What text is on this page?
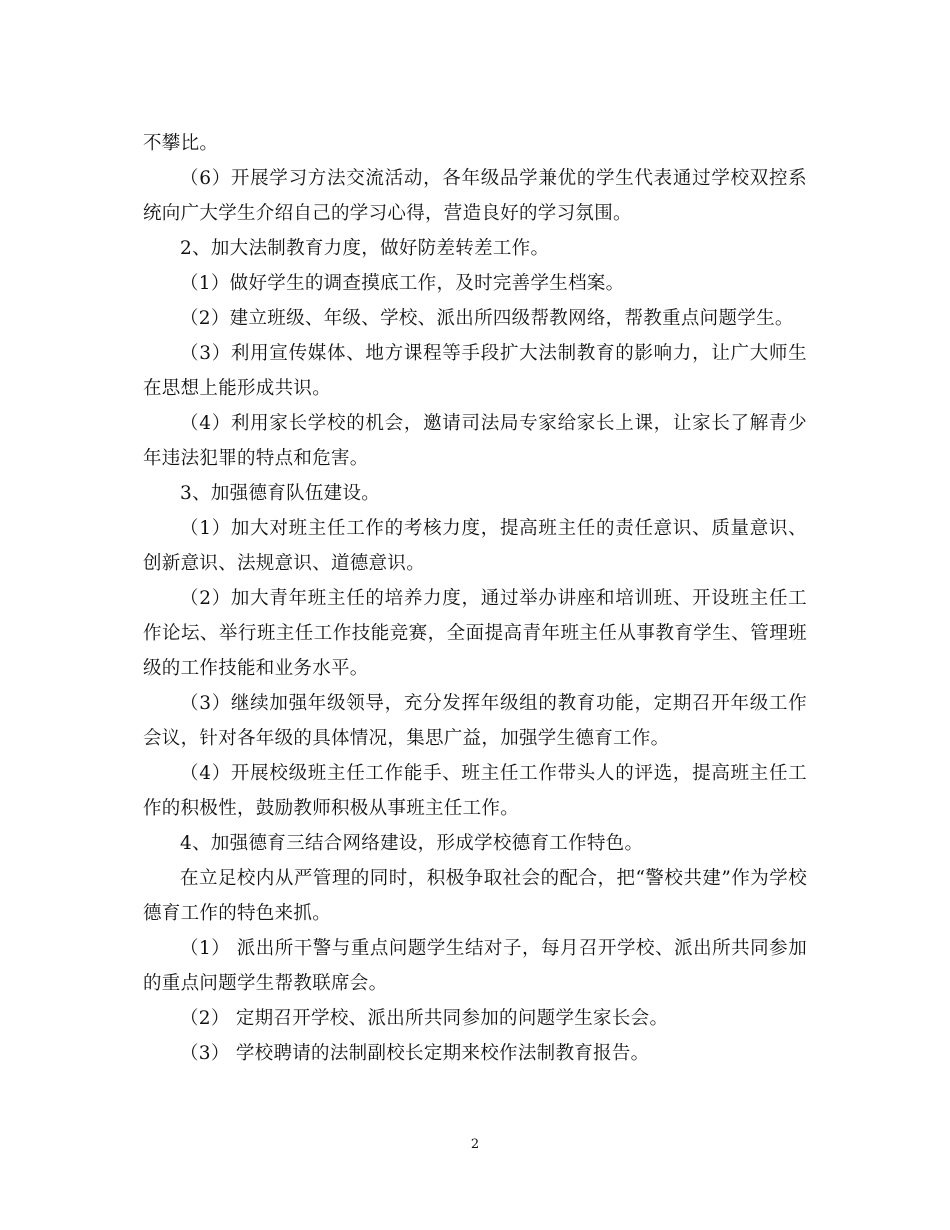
不攀比。

（6）开展学习方法交流活动，各年级品学兼优的学生代表通过学校双控系统向广大学生介绍自己的学习心得，营造良好的学习氛围。

2、加大法制教育力度，做好防差转差工作。

（1）做好学生的调查摸底工作，及时完善学生档案。

（2）建立班级、年级、学校、派出所四级帮教网络，帮教重点问题学生。

（3）利用宣传媒体、地方课程等手段扩大法制教育的影响力，让广大师生在思想上能形成共识。

（4）利用家长学校的机会，邀请司法局专家给家长上课，让家长了解青少年违法犯罪的特点和危害。

3、加强德育队伍建设。

（1）加大对班主任工作的考核力度，提高班主任的责任意识、质量意识、创新意识、法规意识、道德意识。

（2）加大青年班主任的培养力度，通过举办讲座和培训班、开设班主任工作论坛、举行班主任工作技能竞赛，全面提高青年班主任从事教育学生、管理班级的工作技能和业务水平。

（3）继续加强年级领导，充分发挥年级组的教育功能，定期召开年级工作会议，针对各年级的具体情况，集思广益，加强学生德育工作。

（4）开展校级班主任工作能手、班主任工作带头人的评选，提高班主任工作的积极性，鼓励教师积极从事班主任工作。

4、加强德育三结合网络建设，形成学校德育工作特色。

在立足校内从严管理的同时，积极争取社会的配合，把“警校共建”作为学校德育工作的特色来抓。

（1） 派出所干警与重点问题学生结对子，每月召开学校、派出所共同参加的重点问题学生帮教联席会。

（2） 定期召开学校、派出所共同参加的问题学生家长会。

（3） 学校聘请的法制副校长定期来校作法制教育报告。

2
